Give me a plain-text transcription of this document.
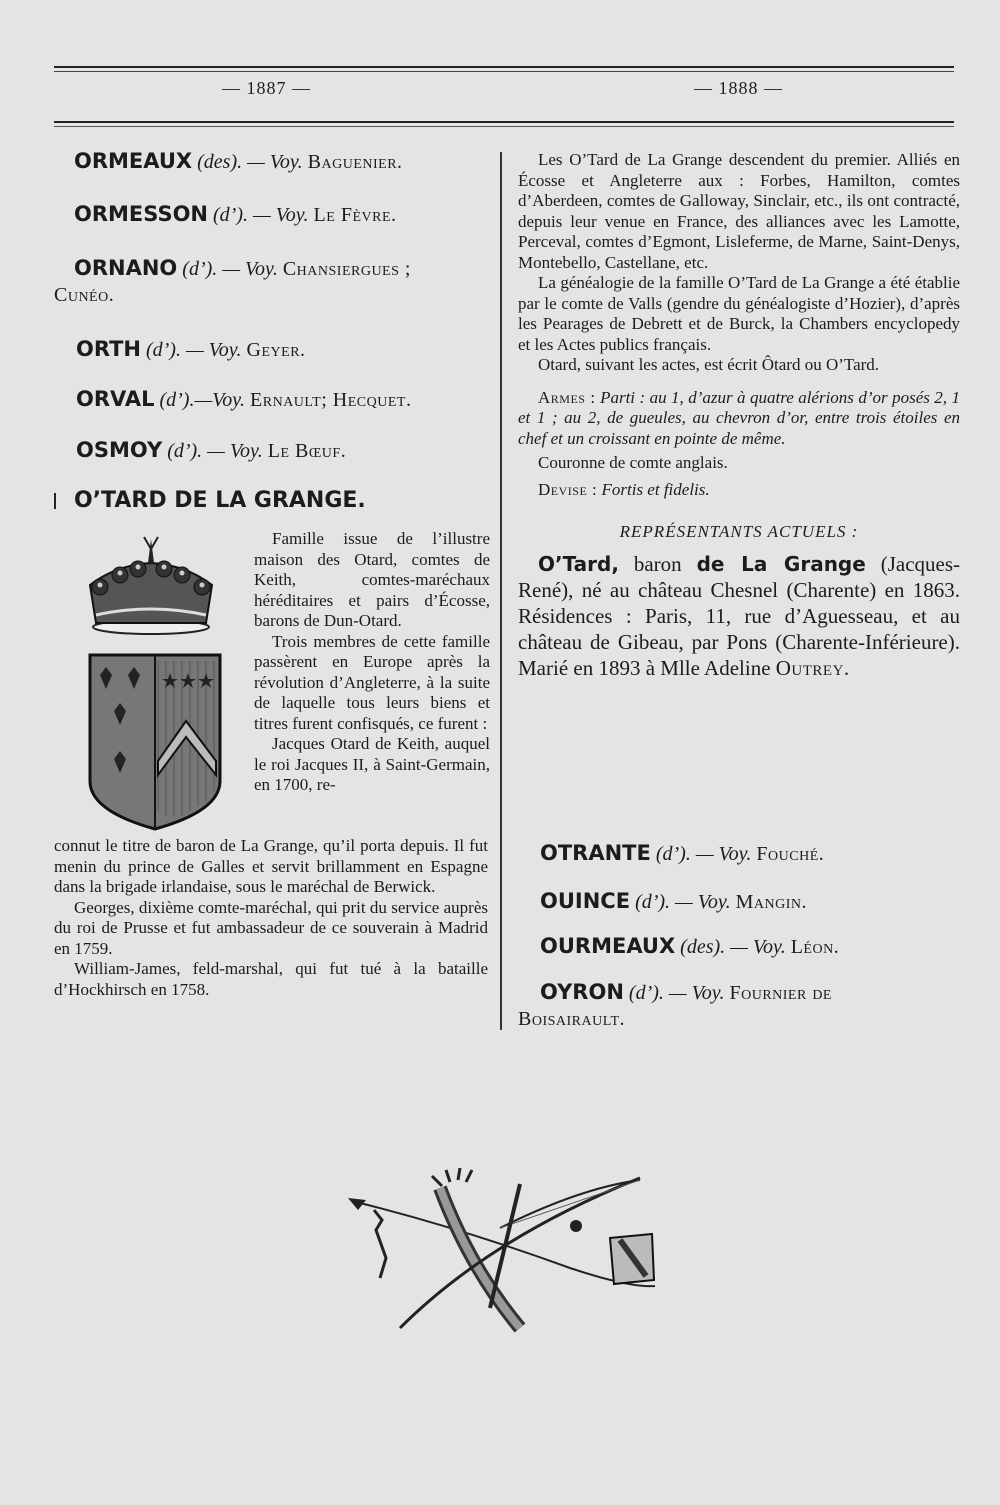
— 1887 —	— 1888 —

ORMEAUX (des). — Voy. Baguenier.

ORMESSON (d’). — Voy. Le Fèvre.

ORNANO (d’). — Voy. Chansiergues ;
Cunéo.

ORTH (d’). — Voy. Geyer.

ORVAL (d’).—Voy. Ernault; Hecquet.

OSMOY (d’). — Voy. Le Bœuf.

O’TARD DE LA GRANGE.

Famille issue de l’illustre maison des Otard, comtes de Keith, comtes-maréchaux héréditaires et pairs d’Écosse, barons de Dun-Otard.

Trois membres de cette famille passèrent en Europe après la révolution d’Angleterre, à la suite de laquelle tous leurs biens et titres furent confisqués, ce furent :

Jacques Otard de Keith, auquel le roi Jacques II, à Saint-Germain, en 1700, re-

connut le titre de baron de La Grange, qu’il porta depuis. Il fut menin du prince de Galles et servit brillamment en Espagne dans la brigade irlandaise, sous le maréchal de Berwick.

Georges, dixième comte-maréchal, qui prit du service auprès du roi de Prusse et fut ambassadeur de ce souverain à Madrid en 1759.

William-James, feld-marshal, qui fut tué à la bataille d’Hockhirsch en 1758.

Les O’Tard de La Grange descendent du premier. Alliés en Écosse et Angleterre aux : Forbes, Hamilton, comtes d’Aberdeen, comtes de Galloway, Sinclair, etc., ils ont contracté, depuis leur venue en France, des alliances avec les Lamotte, Perceval, comtes d’Egmont, Lisleferme, de Marne, Saint-Denys, Montebello, Castellane, etc.

La généalogie de la famille O’Tard de La Grange a été établie par le comte de Valls (gendre du généalogiste d’Hozier), d’après les Pearages de Debrett et de Burck, la Chambers encyclopedy et les Actes publics français.

Otard, suivant les actes, est écrit Ôtard ou O’Tard.

Armes : Parti : au 1, d’azur à quatre alérions d’or posés 2, 1 et 1 ; au 2, de gueules, au chevron d’or, entre trois étoiles en chef et un croissant en pointe de même.

Couronne de comte anglais.

Devise : Fortis et fidelis.

REPRÉSENTANTS ACTUELS :

O’Tard, baron de La Grange (Jacques-René), né au château Chesnel (Charente) en 1863. Résidences : Paris, 11, rue d’Aguesseau, et au château de Gibeau, par Pons (Charente-Inférieure). Marié en 1893 à Mlle Adeline Outrey.

OTRANTE (d’). — Voy. Fouché.

OUINCE (d’). — Voy. Mangin.

OURMEAUX (des). — Voy. Léon.

OYRON (d’). — Voy. Fournier de
Boisairault.
